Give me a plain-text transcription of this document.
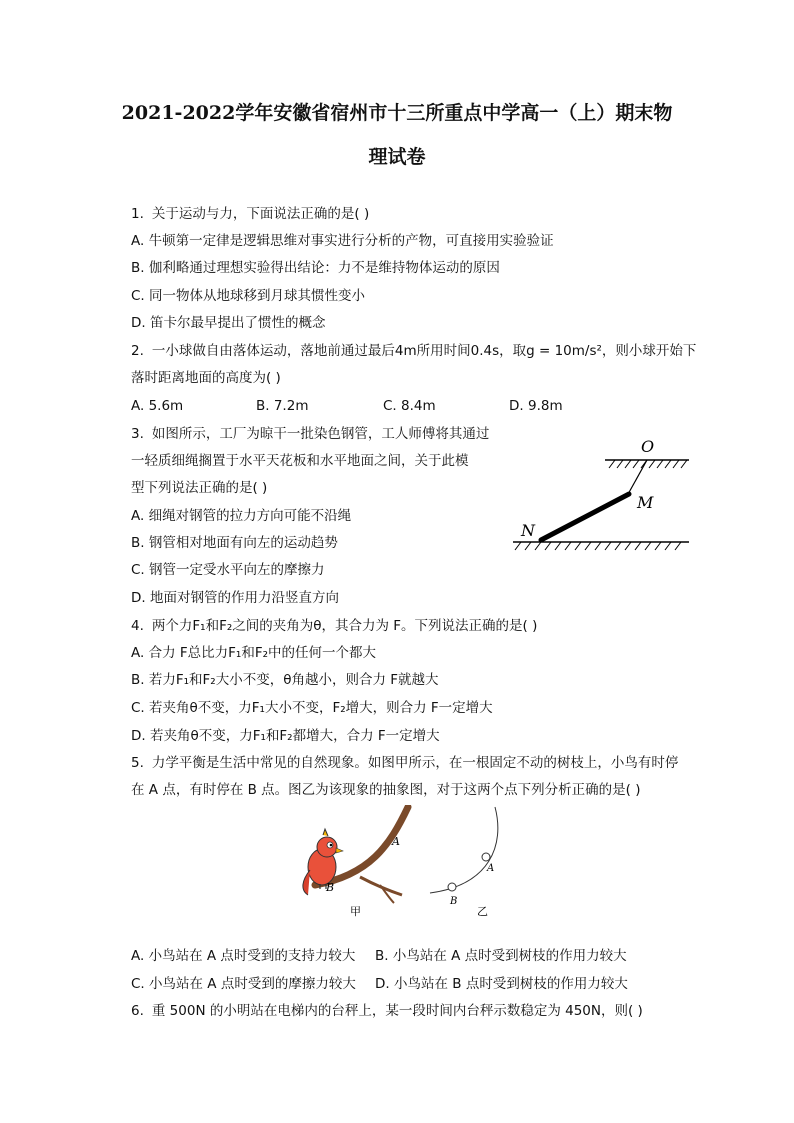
2021-2022学年安徽省宿州市十三所重点中学高一（上）期末物
理试卷
1. 关于运动与力，下面说法正确的是( )
A. 牛顿第一定律是逻辑思维对事实进行分析的产物，可直接用实验验证
B. 伽利略通过理想实验得出结论：力不是维持物体运动的原因
C. 同一物体从地球移到月球其惯性变小
D. 笛卡尔最早提出了惯性的概念
2. 一小球做自由落体运动，落地前通过最后4m所用时间0.4s，取g = 10m/s²，则小球开始下
落时距离地面的高度为( )
A. 5.6m	B. 7.2m	C. 8.4m	D. 9.8m
3. 如图所示，工厂为晾干一批染色钢管，工人师傅将其通过
一轻质细绳搁置于水平天花板和水平地面之间，关于此模
型下列说法正确的是( )
A. 细绳对钢管的拉力方向可能不沿绳
B. 钢管相对地面有向左的运动趋势
C. 钢管一定受水平向左的摩擦力
D. 地面对钢管的作用力沿竖直方向
O
M
N
4. 两个力F₁和F₂之间的夹角为θ，其合力为 F。下列说法正确的是( )
A. 合力 F总比力F₁和F₂中的任何一个都大
B. 若力F₁和F₂大小不变，θ角越小，则合力 F就越大
C. 若夹角θ不变，力F₁大小不变，F₂增大，则合力 F一定增大
D. 若夹角θ不变，力F₁和F₂都增大，合力 F一定增大
5. 力学平衡是生活中常见的自然现象。如图甲所示，在一根固定不动的树枝上，小鸟有时停
在 A 点，有时停在 B 点。图乙为该现象的抽象图，对于这两个点下列分析正确的是( )
A
B
甲
A
B
乙
A. 小鸟站在 A 点时受到的支持力较大 B. 小鸟站在 A 点时受到树枝的作用力较大
C. 小鸟站在 A 点时受到的摩擦力较大 D. 小鸟站在 B 点时受到树枝的作用力较大
6. 重 500N 的小明站在电梯内的台秤上，某一段时间内台秤示数稳定为 450N，则( )
